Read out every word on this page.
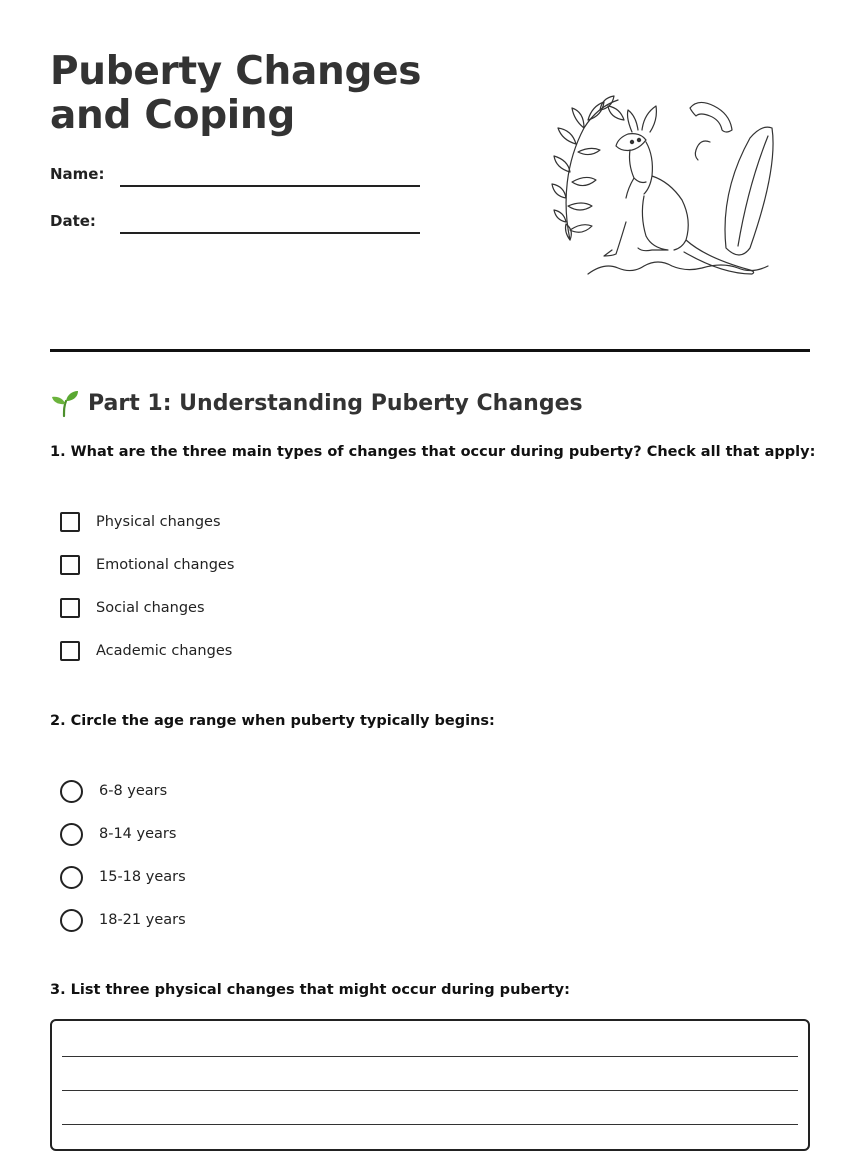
Puberty Changes and Coping
Name:
Date:
Part 1: Understanding Puberty Changes
1. What are the three main types of changes that occur during puberty? Check all that apply:
Physical changes
Emotional changes
Social changes
Academic changes
2. Circle the age range when puberty typically begins:
6-8 years
8-14 years
15-18 years
18-21 years
3. List three physical changes that might occur during puberty:
